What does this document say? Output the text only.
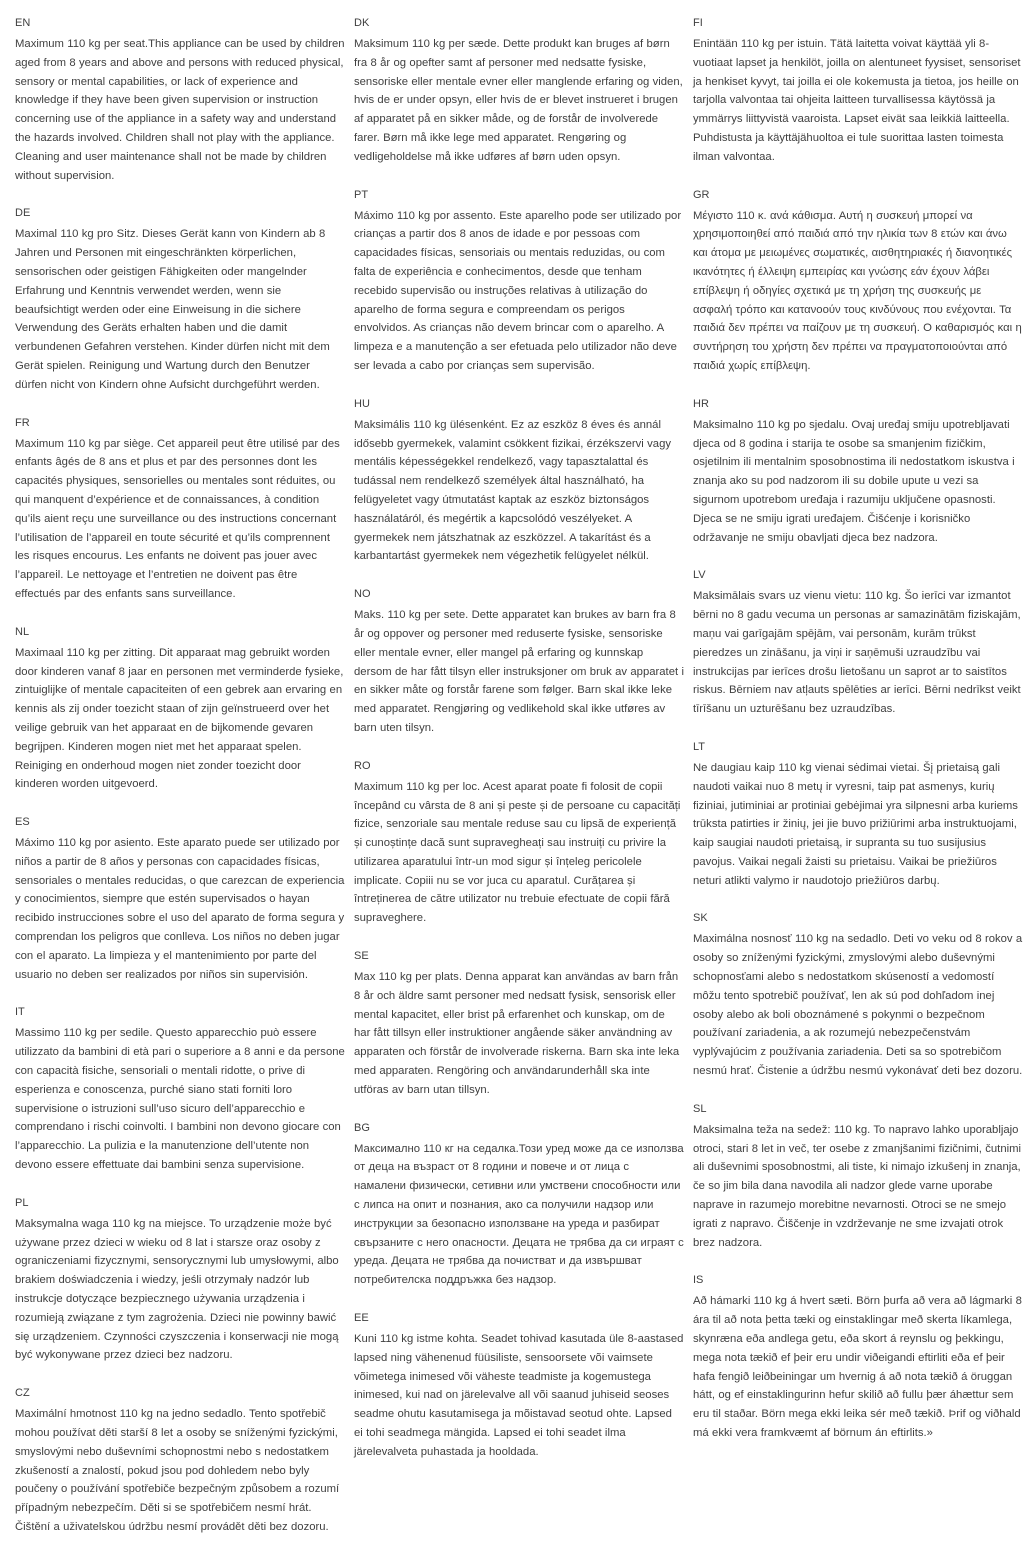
EN

Maximum 110 kg per seat.This appliance can be used by children aged from 8 years and above and persons with reduced physical, sensory or mental capabilities, or lack of experience and knowledge if they have been given supervision or instruction concerning use of the appliance in a safety way and understand the hazards involved. Children shall not play with the appliance. Cleaning and user maintenance shall not be made by children without supervision.

DE

Maximal 110 kg pro Sitz. Dieses Gerät kann von Kindern ab 8 Jahren und Personen mit eingeschränkten körperlichen, sensorischen oder geistigen Fähigkeiten oder mangelnder Erfahrung und Kenntnis verwendet werden, wenn sie beaufsichtigt werden oder eine Einweisung in die sichere Verwendung des Geräts erhalten haben und die damit verbundenen Gefahren verstehen. Kinder dürfen nicht mit dem Gerät spielen. Reinigung und Wartung durch den Benutzer dürfen nicht von Kindern ohne Aufsicht durchgeführt werden.

FR

Maximum 110 kg par siège. Cet appareil peut être utilisé par des enfants âgés de 8 ans et plus et par des personnes dont les capacités physiques, sensorielles ou mentales sont réduites, ou qui manquent d’expérience et de connaissances, à condition qu’ils aient reçu une surveillance ou des instructions concernant l’utilisation de l’appareil en toute sécurité et qu’ils comprennent les risques encourus. Les enfants ne doivent pas jouer avec l’appareil. Le nettoyage et l’entretien ne doivent pas être effectués par des enfants sans surveillance.

NL

Maximaal 110 kg per zitting. Dit apparaat mag gebruikt worden door kinderen vanaf 8 jaar en personen met verminderde fysieke, zintuiglijke of mentale capaciteiten of een gebrek aan ervaring en kennis als zij onder toezicht staan of zijn geïnstrueerd over het veilige gebruik van het apparaat en de bijkomende gevaren begrijpen. Kinderen mogen niet met het apparaat spelen. Reiniging en onderhoud mogen niet zonder toezicht door kinderen worden uitgevoerd.

ES

Máximo 110 kg por asiento. Este aparato puede ser utilizado por niños a partir de 8 años y personas con capacidades físicas, sensoriales o mentales reducidas, o que carezcan de experiencia y conocimientos, siempre que estén supervisados o hayan recibido instrucciones sobre el uso del aparato de forma segura y comprendan los peligros que conlleva. Los niños no deben jugar con el aparato. La limpieza y el mantenimiento por parte del usuario no deben ser realizados por niños sin supervisión.

IT

Massimo 110 kg per sedile. Questo apparecchio può essere utilizzato da bambini di età pari o superiore a 8 anni e da persone con capacità fisiche, sensoriali o mentali ridotte, o prive di esperienza e conoscenza, purché siano stati forniti loro supervisione o istruzioni sull’uso sicuro dell’apparecchio e comprendano i rischi coinvolti. I bambini non devono giocare con l’apparecchio. La pulizia e la manutenzione dell’utente non devono essere effettuate dai bambini senza supervisione.

PL

Maksymalna waga 110 kg na miejsce. To urządzenie może być używane przez dzieci w wieku od 8 lat i starsze oraz osoby z ograniczeniami fizycznymi, sensorycznymi lub umysłowymi, albo brakiem doświadczenia i wiedzy, jeśli otrzymały nadzór lub instrukcje dotyczące bezpiecznego używania urządzenia i rozumieją związane z tym zagrożenia. Dzieci nie powinny bawić się urządzeniem. Czynności czyszczenia i konserwacji nie mogą być wykonywane przez dzieci bez nadzoru.

CZ

Maximální hmotnost 110 kg na jedno sedadlo. Tento spotřebič mohou používat děti starší 8 let a osoby se sníženými fyzickými, smyslovými nebo duševními schopnostmi nebo s nedostatkem zkušeností a znalostí, pokud jsou pod dohledem nebo byly poučeny o používání spotřebiče bezpečným způsobem a rozumí případným nebezpečím. Děti si se spotřebičem nesmí hrát. Čištění a uživatelskou údržbu nesmí provádět děti bez dozoru.

DK

Maksimum 110 kg per sæde. Dette produkt kan bruges af børn fra 8 år og opefter samt af personer med nedsatte fysiske, sensoriske eller mentale evner eller manglende erfaring og viden, hvis de er under opsyn, eller hvis de er blevet instrueret i brugen af apparatet på en sikker måde, og de forstår de involverede farer. Børn må ikke lege med apparatet. Rengøring og vedligeholdelse må ikke udføres af børn uden opsyn.

PT

Máximo 110 kg por assento. Este aparelho pode ser utilizado por crianças a partir dos 8 anos de idade e por pessoas com capacidades físicas, sensoriais ou mentais reduzidas, ou com falta de experiência e conhecimentos, desde que tenham recebido supervisão ou instruções relativas à utilização do aparelho de forma segura e compreendam os perigos envolvidos. As crianças não devem brincar com o aparelho. A limpeza e a manutenção a ser efetuada pelo utilizador não deve ser levada a cabo por crianças sem supervisão.

HU

Maksimális 110 kg ülésenként. Ez az eszköz 8 éves és annál idősebb gyermekek, valamint csökkent fizikai, érzékszervi vagy mentális képességekkel rendelkező, vagy tapasztalattal és tudással nem rendelkező személyek által használható, ha felügyeletet vagy útmutatást kaptak az eszköz biztonságos használatáról, és megértik a kapcsolódó veszélyeket. A gyermekek nem játszhatnak az eszközzel. A takarítást és a karbantartást gyermekek nem végezhetik felügyelet nélkül.

NO

Maks. 110 kg per sete. Dette apparatet kan brukes av barn fra 8 år og oppover og personer med reduserte fysiske, sensoriske eller mentale evner, eller mangel på erfaring og kunnskap dersom de har fått tilsyn eller instruksjoner om bruk av apparatet i en sikker måte og forstår farene som følger. Barn skal ikke leke med apparatet. Rengjøring og vedlikehold skal ikke utføres av barn uten tilsyn.

RO

Maximum 110 kg per loc. Acest aparat poate fi folosit de copii începând cu vârsta de 8 ani și peste și de persoane cu capacități fizice, senzoriale sau mentale reduse sau cu lipsă de experiență și cunoștințe dacă sunt supravegheați sau instruiți cu privire la utilizarea aparatului într-un mod sigur și înțeleg pericolele implicate. Copiii nu se vor juca cu aparatul. Curățarea și întreținerea de către utilizator nu trebuie efectuate de copii fără supraveghere.

SE

Max 110 kg per plats. Denna apparat kan användas av barn från 8 år och äldre samt personer med nedsatt fysisk, sensorisk eller mental kapacitet, eller brist på erfarenhet och kunskap, om de har fått tillsyn eller instruktioner angående säker användning av apparaten och förstår de involverade riskerna. Barn ska inte leka med apparaten. Rengöring och användarunderhåll ska inte utföras av barn utan tillsyn.

BG

Максимално 110 кг на седалка.Този уред може да се използва от деца на възраст от 8 години и повече и от лица с намалени физически, сетивни или умствени способности или с липса на опит и познания, ако са получили надзор или инструкции за безопасно използване на уреда и разбират свързаните с него опасности. Децата не трябва да си играят с уреда. Децата не трябва да почистват и да извършват потребителска поддръжка без надзор.

EE

Kuni 110 kg istme kohta. Seadet tohivad kasutada üle 8-aastased lapsed ning vähenenud füüsiliste, sensoorsete või vaimsete võimetega inimesed või väheste teadmiste ja kogemustega inimesed, kui nad on järelevalve all või saanud juhiseid seoses seadme ohutu kasutamisega ja mõistavad seotud ohte. Lapsed ei tohi seadmega mängida. Lapsed ei tohi seadet ilma järelevalveta puhastada ja hooldada.

FI

Enintään 110 kg per istuin. Tätä laitetta voivat käyttää yli 8-vuotiaat lapset ja henkilöt, joilla on alentuneet fyysiset, sensoriset ja henkiset kyvyt, tai joilla ei ole kokemusta ja tietoa, jos heille on tarjolla valvontaa tai ohjeita laitteen turvallisessa käytössä ja ymmärrys liittyvistä vaaroista. Lapset eivät saa leikkiä laitteella. Puhdistusta ja käyttäjähuoltoa ei tule suorittaa lasten toimesta ilman valvontaa.

GR

Μέγιστο 110 κ. ανά κάθισμα. Αυτή η συσκευή μπορεί να χρησιμοποιηθεί από παιδιά από την ηλικία των 8 ετών και άνω και άτομα με μειωμένες σωματικές, αισθητηριακές ή διανοητικές ικανότητες ή έλλειψη εμπειρίας και γνώσης εάν έχουν λάβει επίβλεψη ή οδηγίες σχετικά με τη χρήση της συσκευής με ασφαλή τρόπο και κατανοούν τους κινδύνους που ενέχονται. Τα παιδιά δεν πρέπει να παίζουν με τη συσκευή. Ο καθαρισμός και η συντήρηση του χρήστη δεν πρέπει να πραγματοποιούνται από παιδιά χωρίς επίβλεψη.

HR

Maksimalno 110 kg po sjedalu. Ovaj uređaj smiju upotrebljavati djeca od 8 godina i starija te osobe sa smanjenim fizičkim, osjetilnim ili mentalnim sposobnostima ili nedostatkom iskustva i znanja ako su pod nadzorom ili su dobile upute u vezi sa sigurnom upotrebom uređaja i razumiju uključene opasnosti. Djeca se ne smiju igrati uređajem. Čišćenje i korisničko održavanje ne smiju obavljati djeca bez nadzora.

LV

Maksimālais svars uz vienu vietu: 110 kg. Šo ierīci var izmantot bērni no 8 gadu vecuma un personas ar samazinātām fiziskajām, maņu vai garīgajām spējām, vai personām, kurām trūkst pieredzes un zināšanu, ja viņi ir saņēmuši uzraudzību vai instrukcijas par ierīces drošu lietošanu un saprot ar to saistītos riskus. Bērniem nav atļauts spēlēties ar ierīci. Bērni nedrīkst veikt tīrīšanu un uzturēšanu bez uzraudzības.

LT

Ne daugiau kaip 110 kg vienai sėdimai vietai. Šį prietaisą gali naudoti vaikai nuo 8 metų ir vyresni, taip pat asmenys, kurių fiziniai, jutiminiai ar protiniai gebėjimai yra silpnesni arba kuriems trūksta patirties ir žinių, jei jie buvo prižiūrimi arba instruktuojami, kaip saugiai naudoti prietaisą, ir supranta su tuo susijusius pavojus. Vaikai negali žaisti su prietaisu. Vaikai be priežiūros neturi atlikti valymo ir naudotojo priežiūros darbų.

SK

Maximálna nosnosť 110 kg na sedadlo. Deti vo veku od 8 rokov a osoby so zníženými fyzickými, zmyslovými alebo duševnými schopnosťami alebo s nedostatkom skúseností a vedomostí môžu tento spotrebič používať, len ak sú pod dohľadom inej osoby alebo ak boli oboznámené s pokynmi o bezpečnom používaní zariadenia, a ak rozumejú nebezpečenstvám vyplývajúcim z používania zariadenia. Deti sa so spotrebičom nesmú hrať. Čistenie a údržbu nesmú vykonávať deti bez dozoru.

SL

Maksimalna teža na sedež: 110 kg. To napravo lahko uporabljajo otroci, stari 8 let in več, ter osebe z zmanjšanimi fizičnimi, čutnimi ali duševnimi sposobnostmi, ali tiste, ki nimajo izkušenj in znanja, če so jim bila dana navodila ali nadzor glede varne uporabe naprave in razumejo morebitne nevarnosti. Otroci se ne smejo igrati z napravo. Čiščenje in vzdrževanje ne sme izvajati otrok brez nadzora.

IS

Að hámarki 110 kg á hvert sæti. Börn þurfa að vera að lágmarki 8 ára til að nota þetta tæki og einstaklingar með skerta líkamlega, skynræna eða andlega getu, eða skort á reynslu og þekkingu, mega nota tækið ef þeir eru undir viðeigandi eftirliti eða ef þeir hafa fengið leiðbeiningar um hvernig á að nota tækið á öruggan hátt, og ef einstaklingurinn hefur skilið að fullu þær áhættur sem eru til staðar. Börn mega ekki leika sér með tækið. Þrif og viðhald má ekki vera framkvæmt af börnum án eftirlits.»
